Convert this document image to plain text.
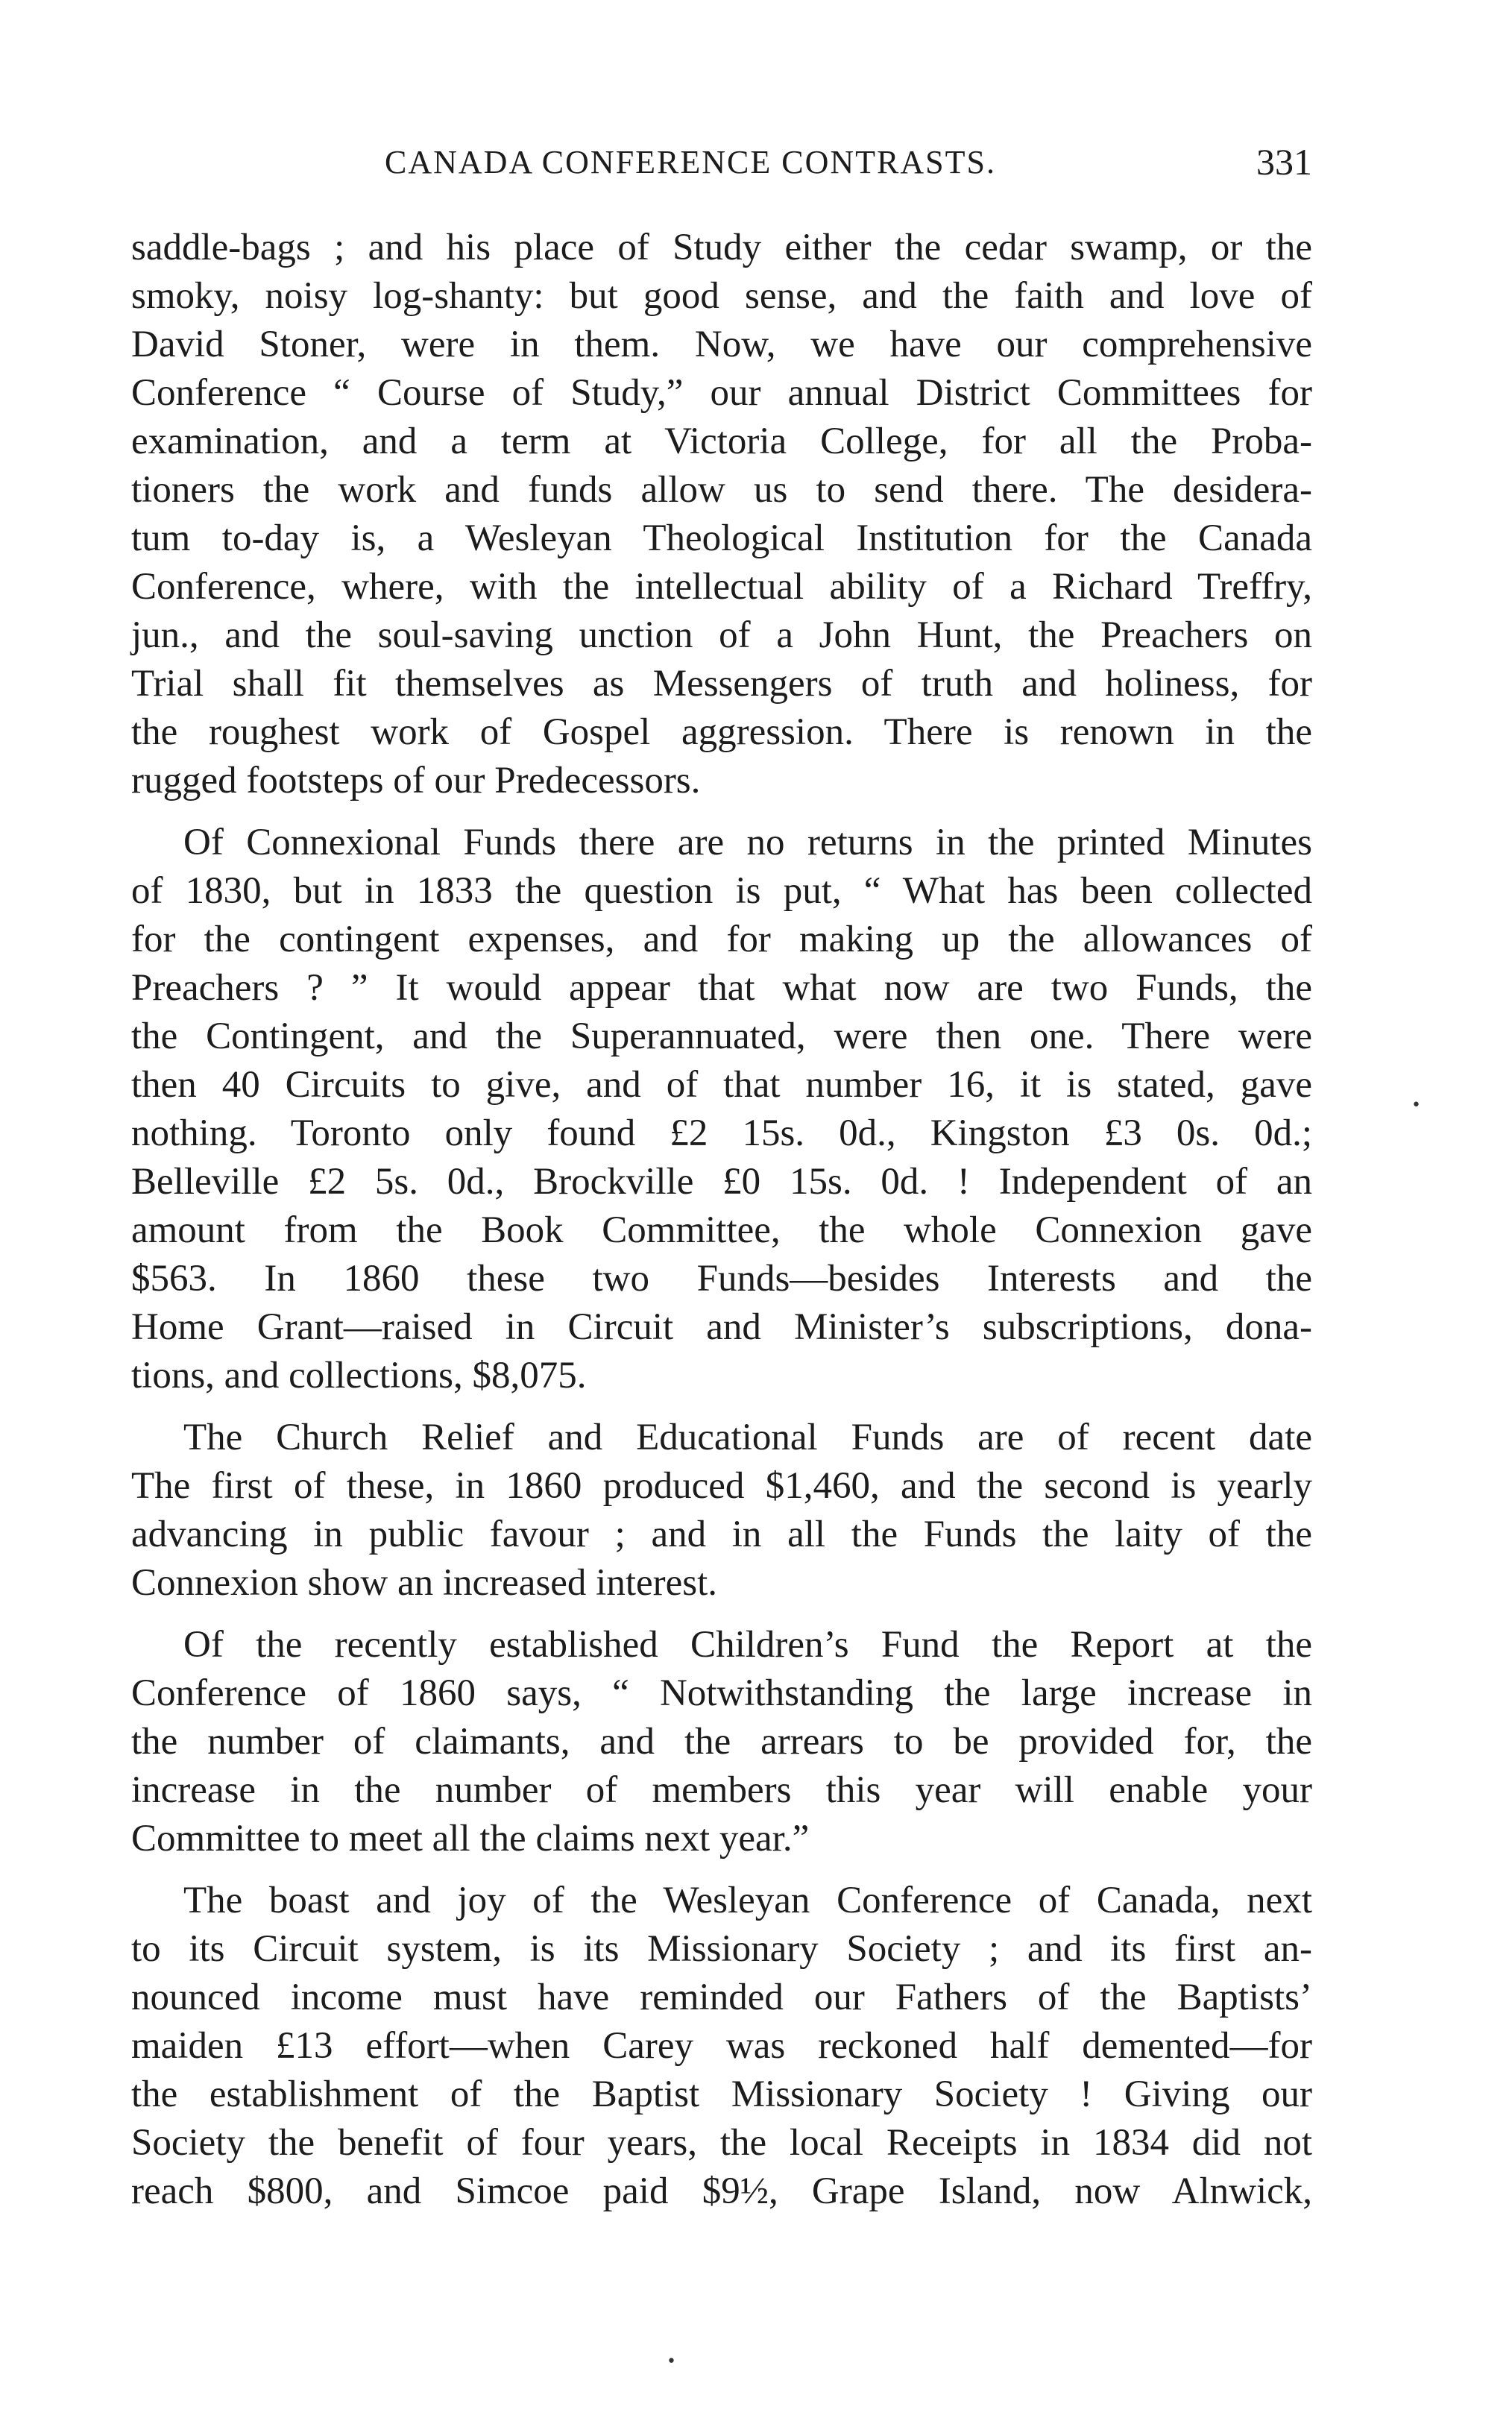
CANADA CONFERENCE CONTRASTS.	331
saddle-bags ; and his place of Study either the cedar swamp, or the
smoky, noisy log-shanty: but good sense, and the faith and love of
David Stoner, were in them. Now, we have our comprehensive
Conference “ Course of Study,” our annual District Committees for
examination, and a term at Victoria College, for all the Proba-
tioners the work and funds allow us to send there. The desidera-
tum to-day is, a Wesleyan Theological Institution for the Canada
Conference, where, with the intellectual ability of a Richard Treffry,
jun., and the soul-saving unction of a John Hunt, the Preachers on
Trial shall fit themselves as Messengers of truth and holiness, for
the roughest work of Gospel aggression. There is renown in the
rugged footsteps of our Predecessors.
Of Connexional Funds there are no returns in the printed Minutes
of 1830, but in 1833 the question is put, “ What has been collected
for the contingent expenses, and for making up the allowances of
Preachers ? ” It would appear that what now are two Funds, the
the Contingent, and the Superannuated, were then one. There were
then 40 Circuits to give, and of that number 16, it is stated, gave
nothing. Toronto only found £2 15s. 0d., Kingston £3 0s. 0d.;
Belleville £2 5s. 0d., Brockville £0 15s. 0d. ! Independent of an
amount from the Book Committee, the whole Connexion gave
$563. In 1860 these two Funds—besides Interests and the
Home Grant—raised in Circuit and Minister’s subscriptions, dona-
tions, and collections, $8,075.
The Church Relief and Educational Funds are of recent date
The first of these, in 1860 produced $1,460, and the second is yearly
advancing in public favour ; and in all the Funds the laity of the
Connexion show an increased interest.
Of the recently established Children’s Fund the Report at the
Conference of 1860 says, “ Notwithstanding the large increase in
the number of claimants, and the arrears to be provided for, the
increase in the number of members this year will enable your
Committee to meet all the claims next year.”
The boast and joy of the Wesleyan Conference of Canada, next
to its Circuit system, is its Missionary Society ; and its first an-
nounced income must have reminded our Fathers of the Baptists’
maiden £13 effort—when Carey was reckoned half demented—for
the establishment of the Baptist Missionary Society ! Giving our
Society the benefit of four years, the local Receipts in 1834 did not
reach $800, and Simcoe paid $9½, Grape Island, now Alnwick,
•
•
